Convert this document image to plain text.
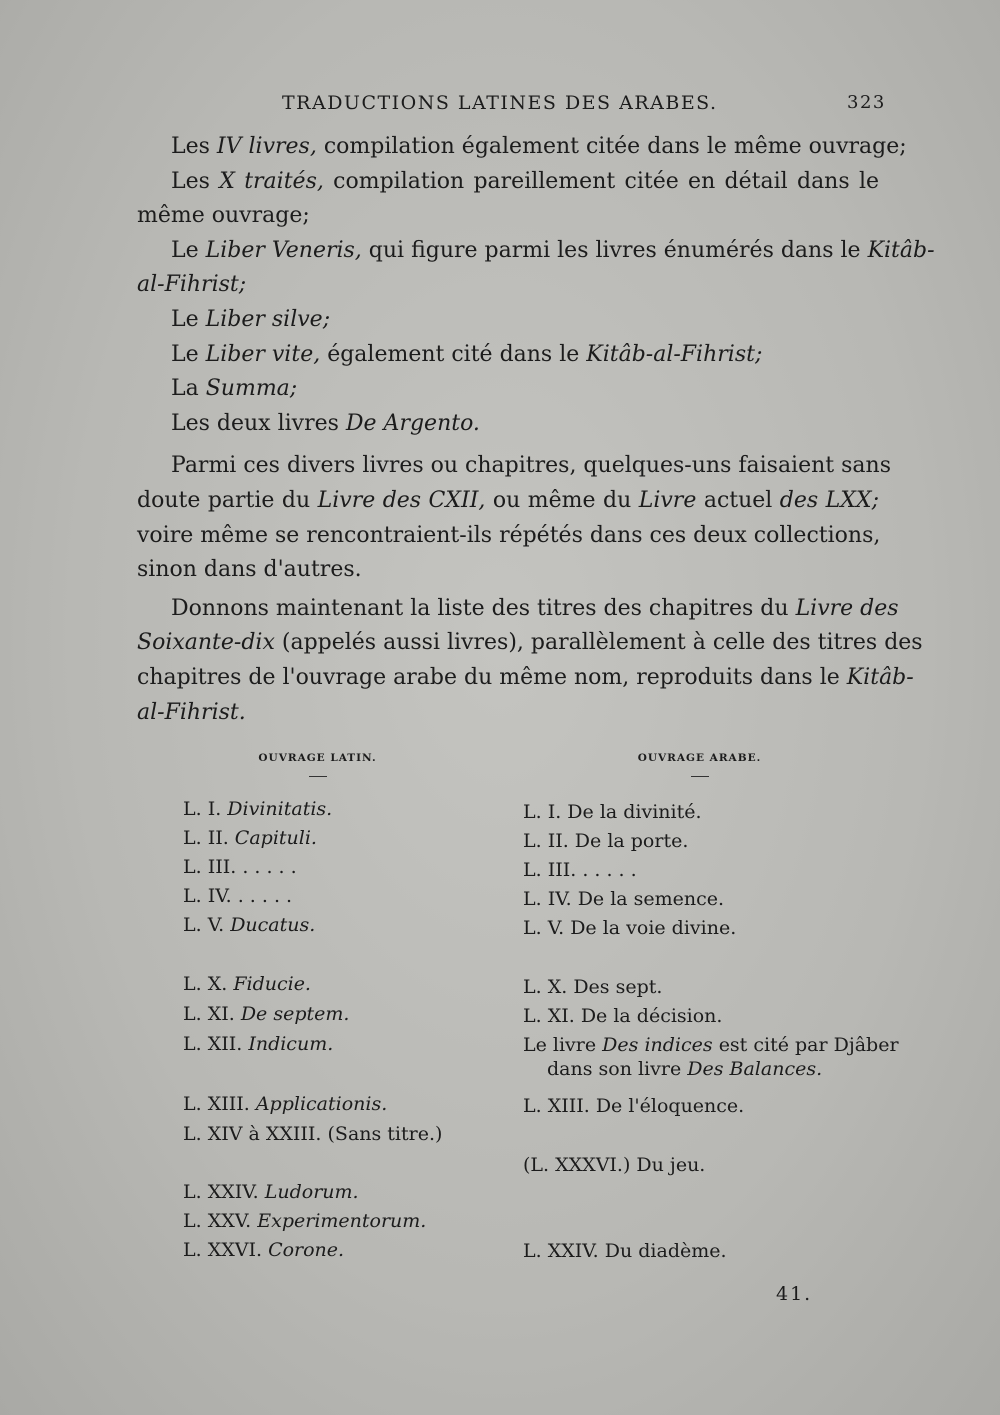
TRADUCTIONS LATINES DES ARABES.	323
Les IV livres, compilation également citée dans le même ouvrage;
Les X traités, compilation pareillement citée en détail dans le
même ouvrage;
Le Liber Veneris, qui figure parmi les livres énumérés dans le Kitâb-
al-Fihrist;
Le Liber silve;
Le Liber vite, également cité dans le Kitâb-al-Fihrist;
La Summa;
Les deux livres De Argento.
Parmi ces divers livres ou chapitres, quelques-uns faisaient sans
doute partie du Livre des CXII, ou même du Livre actuel des LXX;
voire même se rencontraient-ils répétés dans ces deux collections,
sinon dans d'autres.
Donnons maintenant la liste des titres des chapitres du Livre des
Soixante-dix (appelés aussi livres), parallèlement à celle des titres des
chapitres de l'ouvrage arabe du même nom, reproduits dans le Kitâb-
al-Fihrist.
OUVRAGE LATIN.	OUVRAGE ARABE.
L. I. Divinitatis.
L. II. Capituli.
L. III. . . . . .
L. IV. . . . . .
L. V. Ducatus.
L. X. Fiducie.
L. XI. De septem.
L. XII. Indicum.
L. XIII. Applicationis.
L. XIV à XXIII. (Sans titre.)
L. XXIV. Ludorum.
L. XXV. Experimentorum.
L. XXVI. Corone.
L. I. De la divinité.
L. II. De la porte.
L. III. . . . . .
L. IV. De la semence.
L. V. De la voie divine.
L. X. Des sept.
L. XI. De la décision.
Le livre Des indices est cité par Djâber
dans son livre Des Balances.
L. XIII. De l'éloquence.
(L. XXXVI.) Du jeu.
L. XXIV. Du diadème.
41.
